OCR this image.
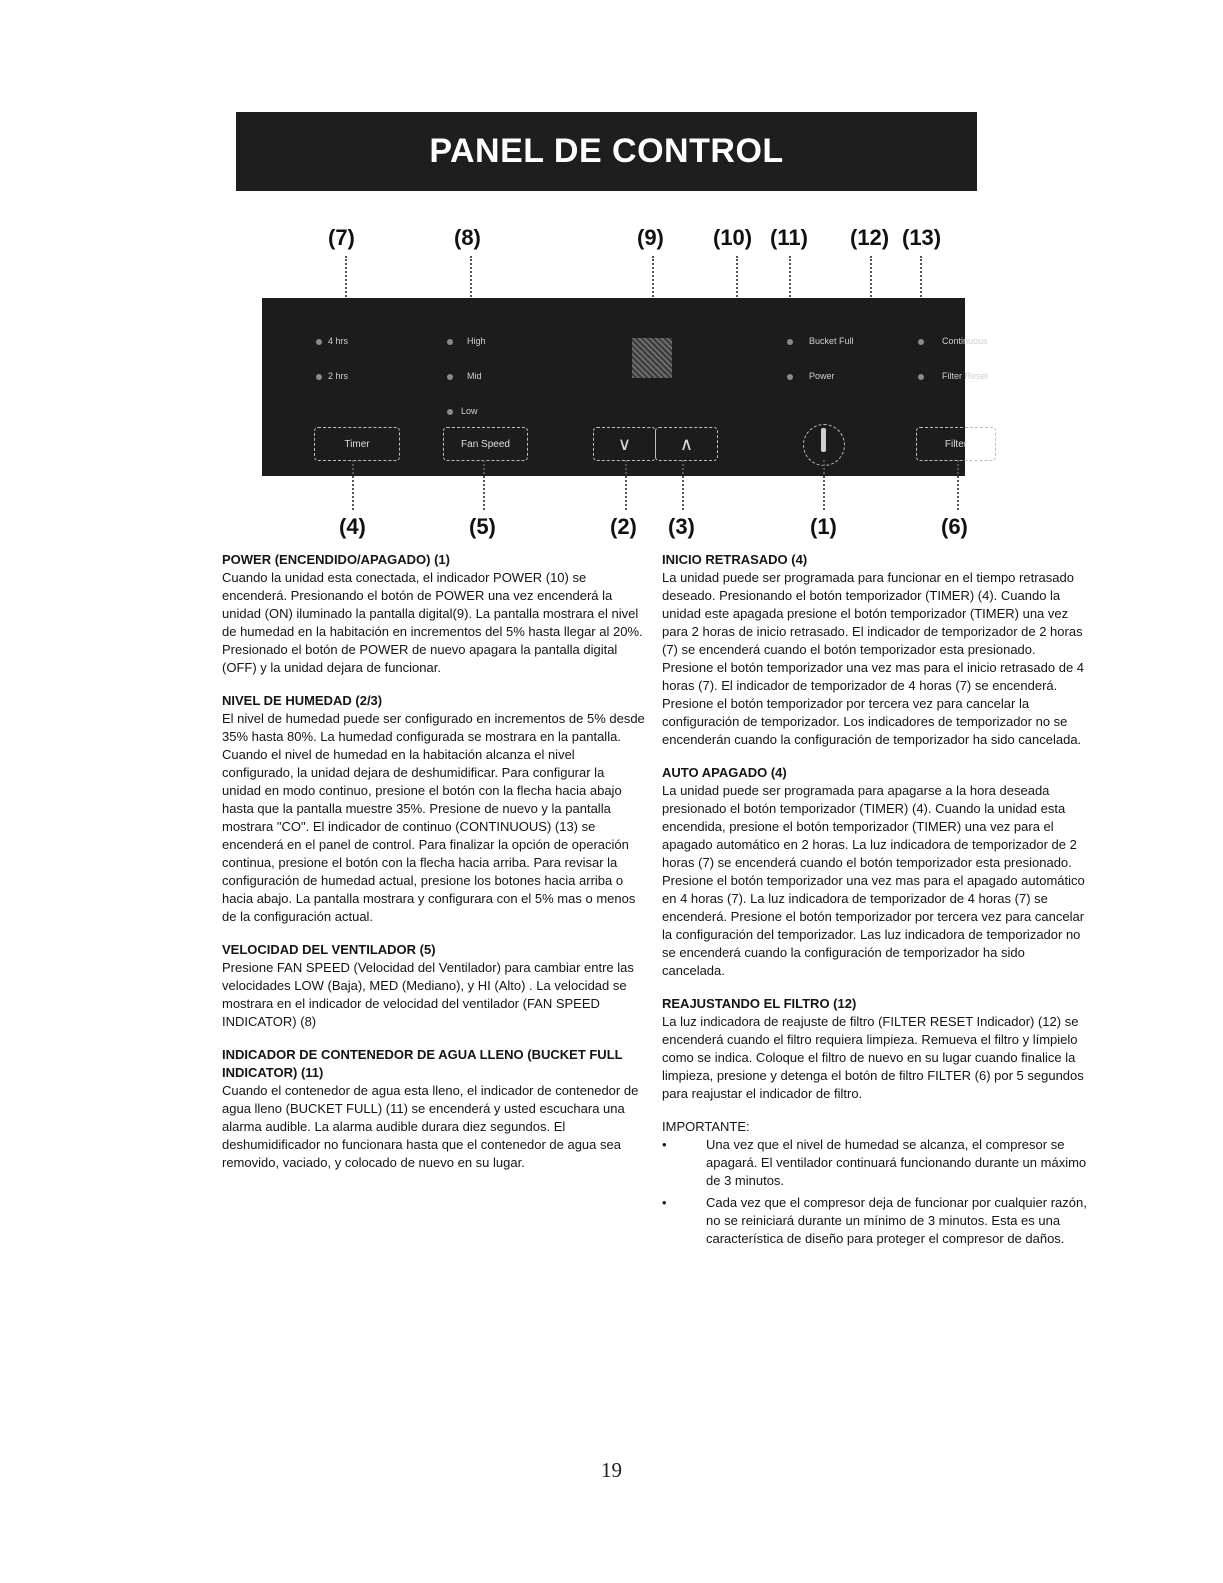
PANEL DE CONTROL
(7)	(8)	(9) (10) (11) (12) (13)
4 hrs
2 hrs
High
Mid
Low
Bucket Full
Power
Continuous
Filter Reset
Timer	Fan Speed	∨	∧	Filter
(4)	(5)	(2) (3)	(1)	(6)
POWER (ENCENDIDO/APAGADO) (1)

Cuando la unidad esta conectada, el indicador POWER (10) se encenderá. Presionando el botón de POWER una vez encenderá la unidad (ON) iluminado la pantalla digital(9). La pantalla mostrara el nivel de humedad en la habitación en incrementos del 5% hasta llegar al 20%. Presionado el botón de POWER de nuevo apagara la pantalla digital (OFF) y la unidad dejara de funcionar.

NIVEL DE HUMEDAD (2/3)

El nivel de humedad puede ser configurado en incrementos de 5% desde 35% hasta 80%. La humedad configurada se mostrara en la pantalla. Cuando el nivel de humedad en la habitación alcanza el nivel configurado, la unidad dejara de deshumidificar. Para configurar la unidad en modo continuo, presione el botón con la flecha hacia abajo hasta que la pantalla muestre 35%. Presione de nuevo y la pantalla mostrara "CO". El indicador de continuo (CONTINUOUS) (13) se encenderá en el panel de control. Para finalizar la opción de operación continua, presione el botón con la flecha hacia arriba. Para revisar la configuración de humedad actual, presione los botones hacia arriba o hacia abajo. La pantalla mostrara y configurara con el 5% mas o menos de la configuración actual.

VELOCIDAD DEL VENTILADOR (5)

Presione FAN SPEED (Velocidad del Ventilador) para cambiar entre las velocidades LOW (Baja), MED (Mediano), y HI (Alto) . La velocidad se mostrara en el indicador de velocidad del ventilador (FAN SPEED INDICATOR) (8)

INDICADOR DE CONTENEDOR DE AGUA LLENO (BUCKET FULL INDICATOR) (11)

Cuando el contenedor de agua esta lleno, el indicador de contenedor de agua lleno (BUCKET FULL) (11) se encenderá y usted escuchara una alarma audible. La alarma audible durara diez segundos. El deshumidificador no funcionara hasta que el contenedor de agua sea removido, vaciado, y colocado de nuevo en su lugar.

INICIO RETRASADO (4)

La unidad puede ser programada para funcionar en el tiempo retrasado deseado. Presionando el botón temporizador (TIMER) (4). Cuando la unidad este apagada presione el botón temporizador (TIMER) una vez para 2 horas de inicio retrasado. El indicador de temporizador de 2 horas (7) se encenderá cuando el botón temporizador esta presionado. Presione el botón temporizador una vez mas para el inicio retrasado de 4 horas (7). El indicador de temporizador de 4 horas (7) se encenderá. Presione el botón temporizador por tercera vez para cancelar la configuración de temporizador. Los indicadores de temporizador no se encenderán cuando la configuración de temporizador ha sido cancelada.

AUTO APAGADO (4)

La unidad puede ser programada para apagarse a la hora deseada presionado el botón temporizador (TIMER) (4). Cuando la unidad esta encendida, presione el botón temporizador (TIMER) una vez para el apagado automático en 2 horas. La luz indicadora de temporizador de 2 horas (7) se encenderá cuando el botón temporizador esta presionado. Presione el botón temporizador una vez mas para el apagado automático en 4 horas (7). La luz indicadora de temporizador de 4 horas (7) se encenderá. Presione el botón temporizador por tercera vez para cancelar la configuración del temporizador. Las luz indicadora de temporizador no se encenderá cuando la configuración de temporizador ha sido cancelada.

REAJUSTANDO EL FILTRO (12)

La luz indicadora de reajuste de filtro (FILTER RESET Indicador) (12) se encenderá cuando el filtro requiera limpieza. Remueva el filtro y límpielo como se indica. Coloque el filtro de nuevo en su lugar cuando finalice la limpieza, presione y detenga el botón de filtro FILTER (6) por 5 segundos para reajustar el indicador de filtro.

IMPORTANTE:

• Una vez que el nivel de humedad se alcanza, el compresor se apagará. El ventilador continuará funcionando durante un máximo de 3 minutos.
• Cada vez que el compresor deja de funcionar por cualquier razón, no se reiniciará durante un mínimo de 3 minutos. Esta es una característica de diseño para proteger el compresor de daños.
19
